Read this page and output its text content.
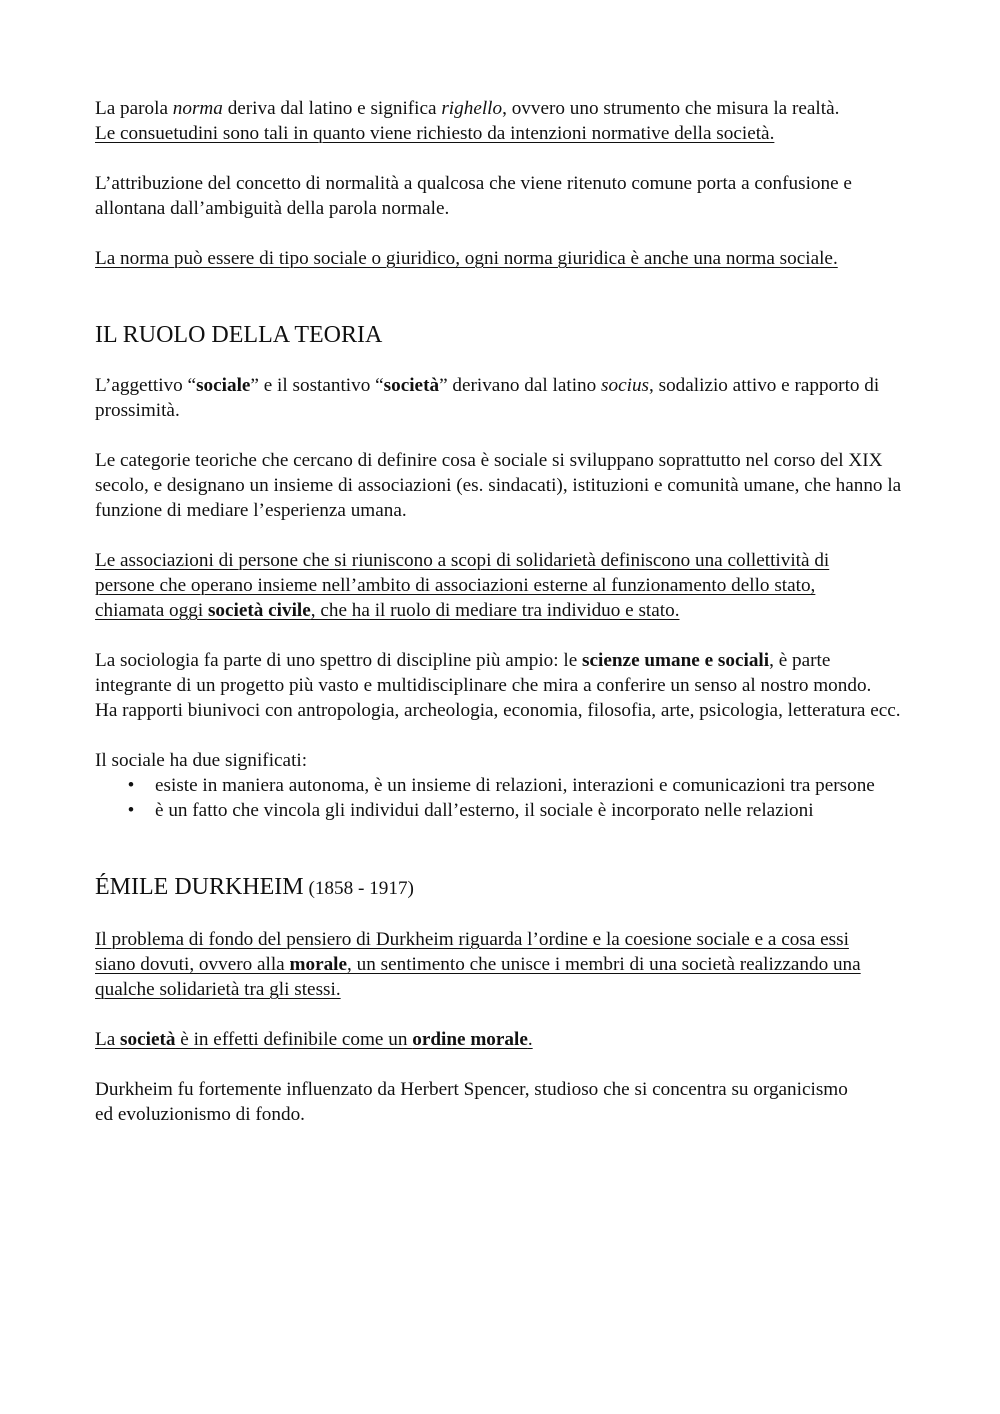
La parola norma deriva dal latino e significa righello, ovvero uno strumento che misura la realtà.

Le consuetudini sono tali in quanto viene richiesto da intenzioni normative della società.

L’attribuzione del concetto di normalità a qualcosa che viene ritenuto comune porta a confusione e allontana dall’ambiguità della parola normale.

La norma può essere di tipo sociale o giuridico, ogni norma giuridica è anche una norma sociale.

IL RUOLO DELLA TEORIA

L’aggettivo “sociale” e il sostantivo “società” derivano dal latino socius, sodalizio attivo e rapporto di prossimità.

Le categorie teoriche che cercano di definire cosa è sociale si sviluppano soprattutto nel corso del XIX secolo, e designano un insieme di associazioni (es. sindacati), istituzioni e comunità umane, che hanno la funzione di mediare l’esperienza umana.

Le associazioni di persone che si riuniscono a scopi di solidarietà definiscono una collettività di persone che operano insieme nell’ambito di associazioni esterne al funzionamento dello stato, chiamata oggi società civile, che ha il ruolo di mediare tra individuo e stato.

La sociologia fa parte di uno spettro di discipline più ampio: le scienze umane e sociali, è parte integrante di un progetto più vasto e multidisciplinare che mira a conferire un senso al nostro mondo.

Ha rapporti biunivoci con antropologia, archeologia, economia, filosofia, arte, psicologia, letteratura ecc.

Il sociale ha due significati:

• esiste in maniera autonoma, è un insieme di relazioni, interazioni e comunicazioni tra persone
• è un fatto che vincola gli individui dall’esterno, il sociale è incorporato nelle relazioni
ÉMILE DURKHEIM (1858 - 1917)

Il problema di fondo del pensiero di Durkheim riguarda l’ordine e la coesione sociale e a cosa essi siano dovuti, ovvero alla morale, un sentimento che unisce i membri di una società realizzando una qualche solidarietà tra gli stessi.

La società è in effetti definibile come un ordine morale.

Durkheim fu fortemente influenzato da Herbert Spencer, studioso che si concentra su organicismo ed evoluzionismo di fondo.
